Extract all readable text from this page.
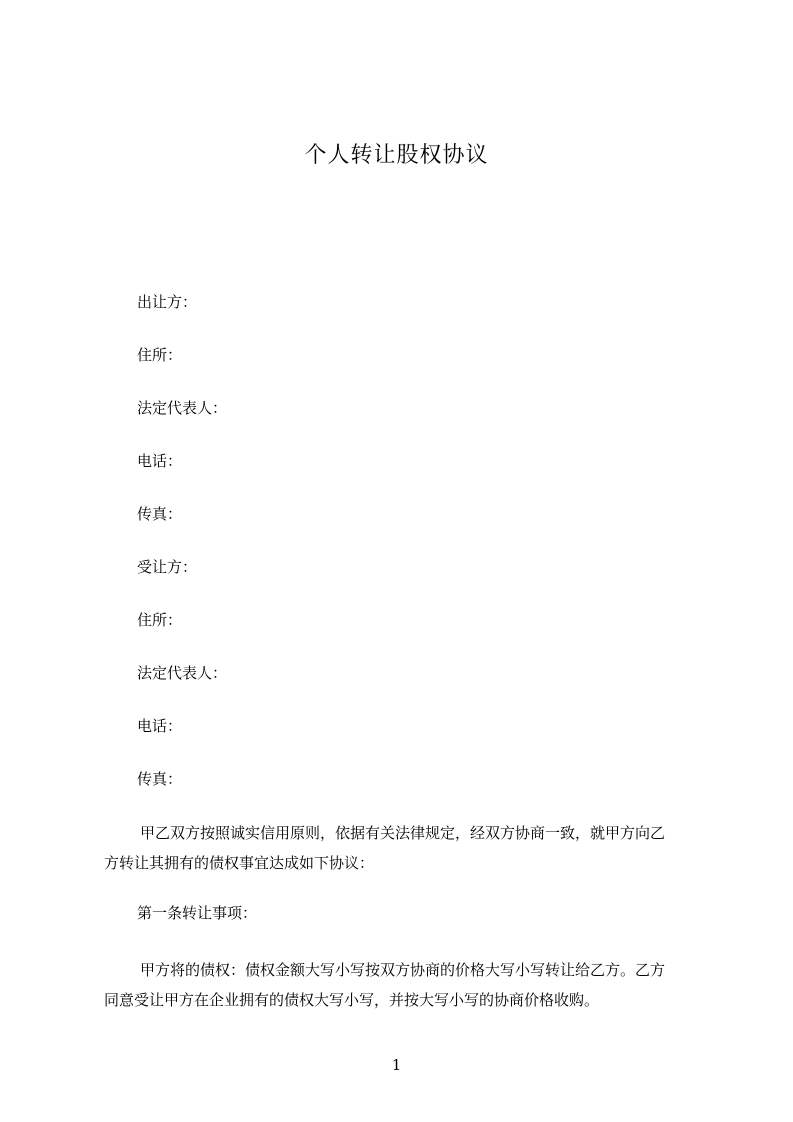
个人转让股权协议
出让方：
住所：
法定代表人：
电话：
传真：
受让方：
住所：
法定代表人：
电话：
传真：
甲乙双方按照诚实信用原则，依据有关法律规定，经双方协商一致，就甲方向乙
方转让其拥有的债权事宜达成如下协议：
第一条转让事项：
甲方将的债权：债权金额大写小写按双方协商的价格大写小写转让给乙方。乙方
同意受让甲方在企业拥有的债权大写小写，并按大写小写的协商价格收购。
1
